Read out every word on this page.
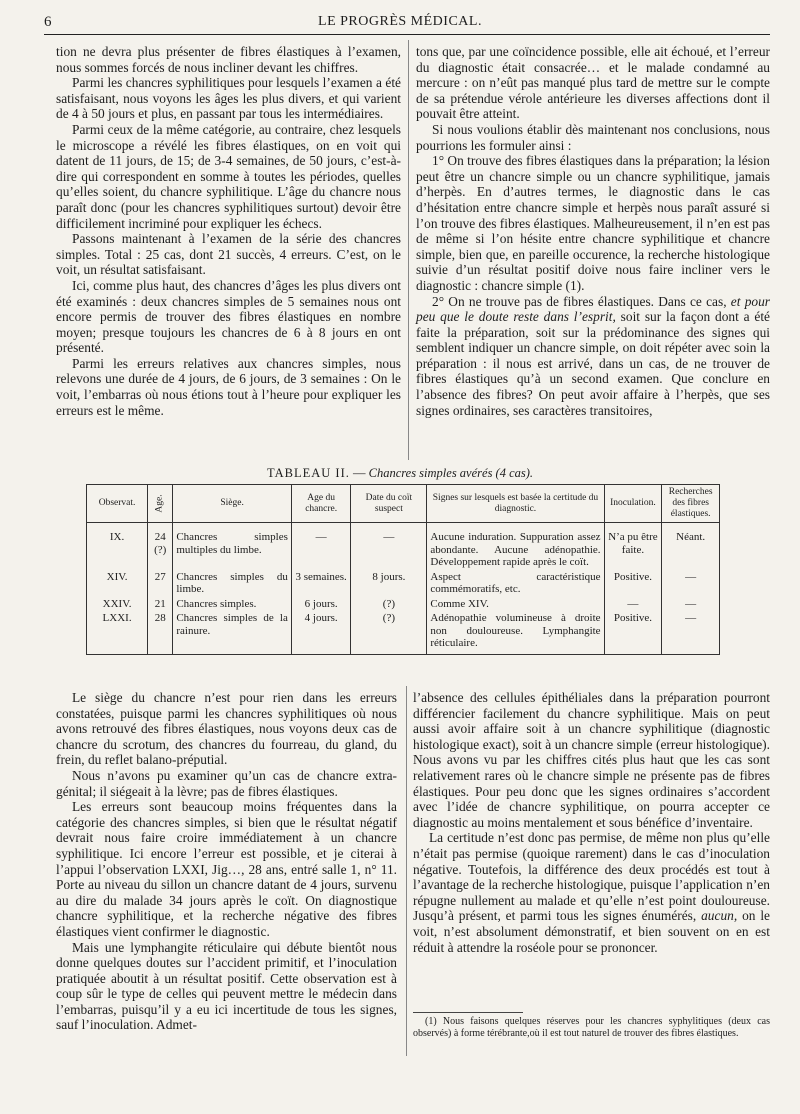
6	LE PROGRÈS MÉDICAL.

tion ne devra plus présenter de fibres élastiques à l’examen, nous sommes forcés de nous incliner devant les chiffres.

Parmi les chancres syphilitiques pour lesquels l’examen a été satisfaisant, nous voyons les âges les plus divers, et qui varient de 4 à 50 jours et plus, en passant par tous les intermédiaires.

Parmi ceux de la même catégorie, au contraire, chez lesquels le microscope a révélé les fibres élastiques, on en voit qui datent de 11 jours, de 15; de 3-4 semaines, de 50 jours, c’est-à-dire qui correspondent en somme à toutes les périodes, quelles qu’elles soient, du chancre syphilitique. L’âge du chancre nous paraît donc (pour les chancres syphilitiques surtout) devoir être difficilement incriminé pour expliquer les échecs.

Passons maintenant à l’examen de la série des chancres simples. Total : 25 cas, dont 21 succès, 4 erreurs. C’est, on le voit, un résultat satisfaisant.

Ici, comme plus haut, des chancres d’âges les plus divers ont été examinés : deux chancres simples de 5 semaines nous ont encore permis de trouver des fibres élastiques en nombre moyen; presque toujours les chancres de 6 à 8 jours en ont présenté.

Parmi les erreurs relatives aux chancres simples, nous relevons une durée de 4 jours, de 6 jours, de 3 semaines : On le voit, l’embarras où nous étions tout à l’heure pour expliquer les erreurs est le même.

tons que, par une coïncidence possible, elle ait échoué, et l’erreur du diagnostic était consacrée… et le malade condamné au mercure : on n’eût pas manqué plus tard de mettre sur le compte de sa prétendue vérole antérieure les diverses affections dont il pouvait être atteint.

Si nous voulions établir dès maintenant nos conclusions, nous pourrions les formuler ainsi :

1° On trouve des fibres élastiques dans la préparation; la lésion peut être un chancre simple ou un chancre syphilitique, jamais d’herpès. En d’autres termes, le diagnostic dans le cas d’hésitation entre chancre simple et herpès nous paraît assuré si l’on trouve des fibres élastiques. Malheureusement, il n’en est pas de même si l’on hésite entre chancre syphilitique et chancre simple, bien que, en pareille occurence, la recherche histologique suivie d’un résultat positif doive nous faire incliner vers le diagnostic : chancre simple (1).

2° On ne trouve pas de fibres élastiques. Dans ce cas, et pour peu que le doute reste dans l’esprit, soit sur la façon dont a été faite la préparation, soit sur la prédominance des signes qui semblent indiquer un chancre simple, on doit répéter avec soin la préparation : il nous est arrivé, dans un cas, de ne trouver de fibres élastiques qu’à un second examen. Que conclure en l’absence des fibres? On peut avoir affaire à l’herpès, que ses signes ordinaires, ses caractères transitoires,

TABLEAU II. — Chancres simples avérés (4 cas).
Observat.	Age.	Siège.	Age du chancre.	Date du coït suspect	Signes sur lesquels est basée la certitude du diagnostic.	Inoculation.	Recherches des fibres élastiques.
IX.	24 (?)	Chancres simples multiples du limbe.	—	—	Aucune induration. Suppuration assez abondante. Aucune adénopathie. Développement rapide après le coït.	N’a pu être faite.	Néant.
XIV.	27	Chancres simples du limbe.	3 semaines.	8 jours.	Aspect caractéristique commémoratifs, etc.	Positive.	—
XXIV.	21	Chancres simples.	6 jours.	(?)	Comme XIV.	—	—
LXXI.	28	Chancres simples de la rainure.	4 jours.	(?)	Adénopathie volumineuse à droite non douloureuse. Lymphangite réticulaire.	Positive.	—

Le siège du chancre n’est pour rien dans les erreurs constatées, puisque parmi les chancres syphilitiques où nous avons retrouvé des fibres élastiques, nous voyons deux cas de chancre du scrotum, des chancres du fourreau, du gland, du frein, du reflet balano-préputial.

Nous n’avons pu examiner qu’un cas de chancre extra-génital; il siégeait à la lèvre; pas de fibres élastiques.

Les erreurs sont beaucoup moins fréquentes dans la catégorie des chancres simples, si bien que le résultat négatif devrait nous faire croire immédiatement à un chancre syphilitique. Ici encore l’erreur est possible, et je citerai à l’appui l’observation LXXI, Jig…, 28 ans, entré salle 1, n° 11. Porte au niveau du sillon un chancre datant de 4 jours, survenu au dire du malade 34 jours après le coït. On diagnostique chancre syphilitique, et la recherche négative des fibres élastiques vient confirmer le diagnostic.

Mais une lymphangite réticulaire qui débute bientôt nous donne quelques doutes sur l’accident primitif, et l’inoculation pratiquée aboutit à un résultat positif. Cette observation est à coup sûr le type de celles qui peuvent mettre le médecin dans l’embarras, puisqu’il y a eu ici incertitude de tous les signes, sauf l’inoculation. Admet-

l’absence des cellules épithéliales dans la préparation pourront différencier facilement du chancre syphilitique. Mais on peut aussi avoir affaire soit à un chancre syphilitique (diagnostic histologique exact), soit à un chancre simple (erreur histologique). Nous avons vu par les chiffres cités plus haut que les cas sont relativement rares où le chancre simple ne présente pas de fibres élastiques. Pour peu donc que les signes ordinaires s’accordent avec l’idée de chancre syphilitique, on pourra accepter ce diagnostic au moins mentalement et sous bénéfice d’inventaire.

La certitude n’est donc pas permise, de même non plus qu’elle n’était pas permise (quoique rarement) dans le cas d’inoculation négative. Toutefois, la différence des deux procédés est tout à l’avantage de la recherche histologique, puisque l’application n’en répugne nullement au malade et qu’elle n’est point douloureuse. Jusqu’à présent, et parmi tous les signes énumérés, aucun, on le voit, n’est absolument démonstratif, et bien souvent on en est réduit à attendre la roséole pour se prononcer.

(1) Nous faisons quelques réserves pour les chancres syphylitiques (deux cas observés) à forme térébrante,où il est tout naturel de trouver des fibres élastiques.
